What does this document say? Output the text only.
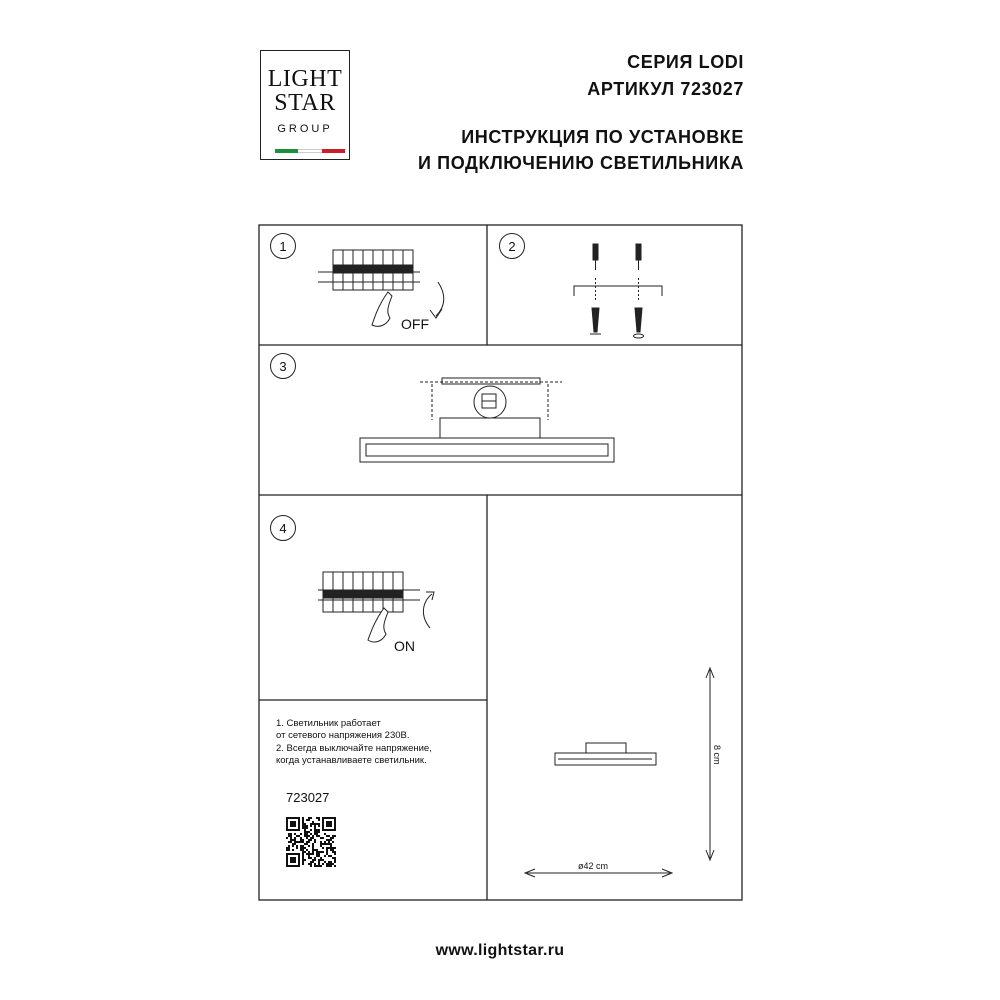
LIGHT
STAR
GROUP
СЕРИЯ LODI
АРТИКУЛ 723027
ИНСТРУКЦИЯ ПО УСТАНОВКЕ
И ПОДКЛЮЧЕНИЮ СВЕТИЛЬНИКА
1	2
3
4
OFF
ON
1. Светильник работает
от сетевого напряжения 230В.
2. Всегда выключайте напряжение,
когда устанавливаете светильник.
723027
8 cm
ø42 cm
www.lightstar.ru
